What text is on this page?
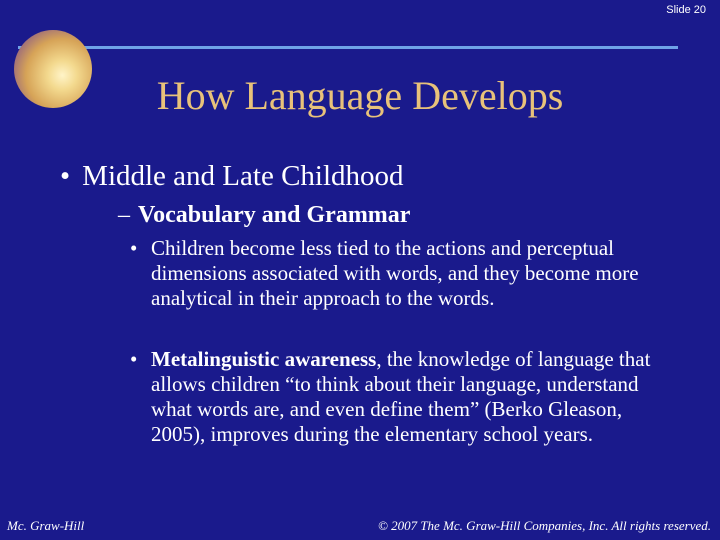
Slide 20
How Language Develops
• Middle and Late Childhood
– Vocabulary and Grammar
• Children become less tied to the actions and perceptual dimensions associated with words, and they become more analytical in their approach to the words.
• Metalinguistic awareness, the knowledge of language that allows children “to think about their language, understand what words are, and even define them” (Berko Gleason, 2005), improves during the elementary school years.
Mc. Graw-Hill	© 2007 The Mc. Graw-Hill Companies, Inc. All rights reserved.
